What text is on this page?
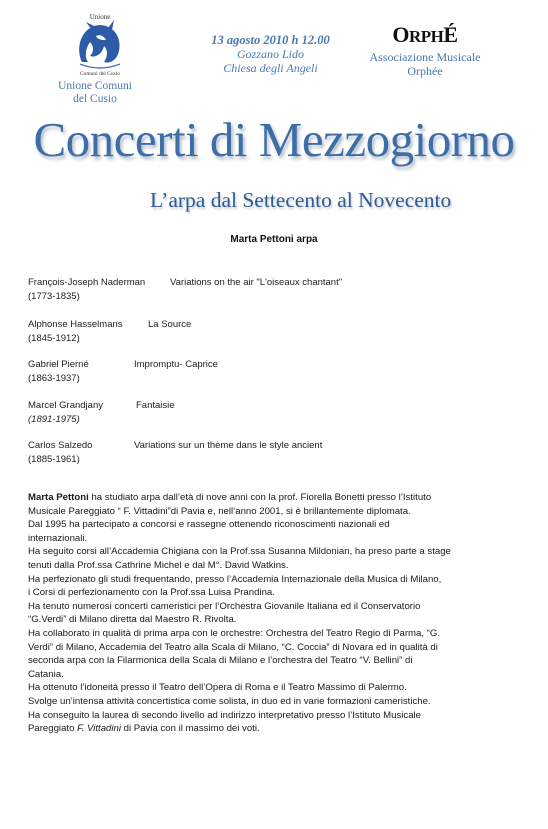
Unione
Comuni del Cusio
Unione Comuni
del Cusio
13 agosto 2010 h 12.00
Gozzano Lido
Chiesa degli Angeli
ORPHÉ
Associazione Musicale
Orphée
Concerti di Mezzogiorno
L’arpa dal Settecento al Novecento
Marta Pettoni arpa
François-Joseph Naderman	Variations on the air "L'oiseaux chantant"
(1773-1835)
Alphonse Hasselmans	La Source
(1845-1912)
Gabriel Pierné	Impromptu- Caprice
(1863-1937)
Marcel Grandjany	Fantaisie
(1891-1975)
Carlos Salzedo	Variations sur un thème dans le style ancient
(1885-1961)

Marta Pettoni ha studiato arpa dall’età di nove anni con la prof. Fiorella Bonetti presso l’Istituto

Musicale Pareggiato “ F. Vittadini”di Pavia e, nell’anno 2001, si è brillantemente diplomata.

Dal 1995 ha partecipato a concorsi e rassegne ottenendo riconoscimenti nazionali ed

internazionali.

Ha seguito corsi all’Accademia Chigiana con la Prof.ssa Susanna Mildonian, ha preso parte a stage

tenuti dalla Prof.ssa Cathrine Michel e dal M°. David Watkins.

Ha perfezionato gli studi frequentando, presso l’Accademia Internazionale della Musica di Milano,

i Corsi di perfezionamento con la Prof.ssa Luisa Prandina.

Ha tenuto numerosi concerti cameristici per l’Orchestra Giovanile Italiana ed il Conservatorio

“G.Verdi” di Milano diretta dal Maestro R. Rivolta.

Ha collaborato in qualità di prima arpa con le orchestre: Orchestra del Teatro Regio di Parma, “G.

Verdi” di Milano, Accademia del Teatro alla Scala di Milano, “C. Coccia” di Novara ed in qualità di

seconda arpa con la Filarmonica della Scala di Milano e l’orchestra del Teatro “V. Bellini” di

Catania.

Ha ottenuto l’idoneità presso il Teatro dell’Opera di Roma e il Teatro Massimo di Palermo.

Svolge un’intensa attività concertistica come solista, in duo ed in varie formazioni cameristiche.

Ha conseguito la laurea di secondo livello ad indirizzo interpretativo presso l’Istituto Musicale

Pareggiato F. Vittadini di Pavia con il massimo dei voti.
